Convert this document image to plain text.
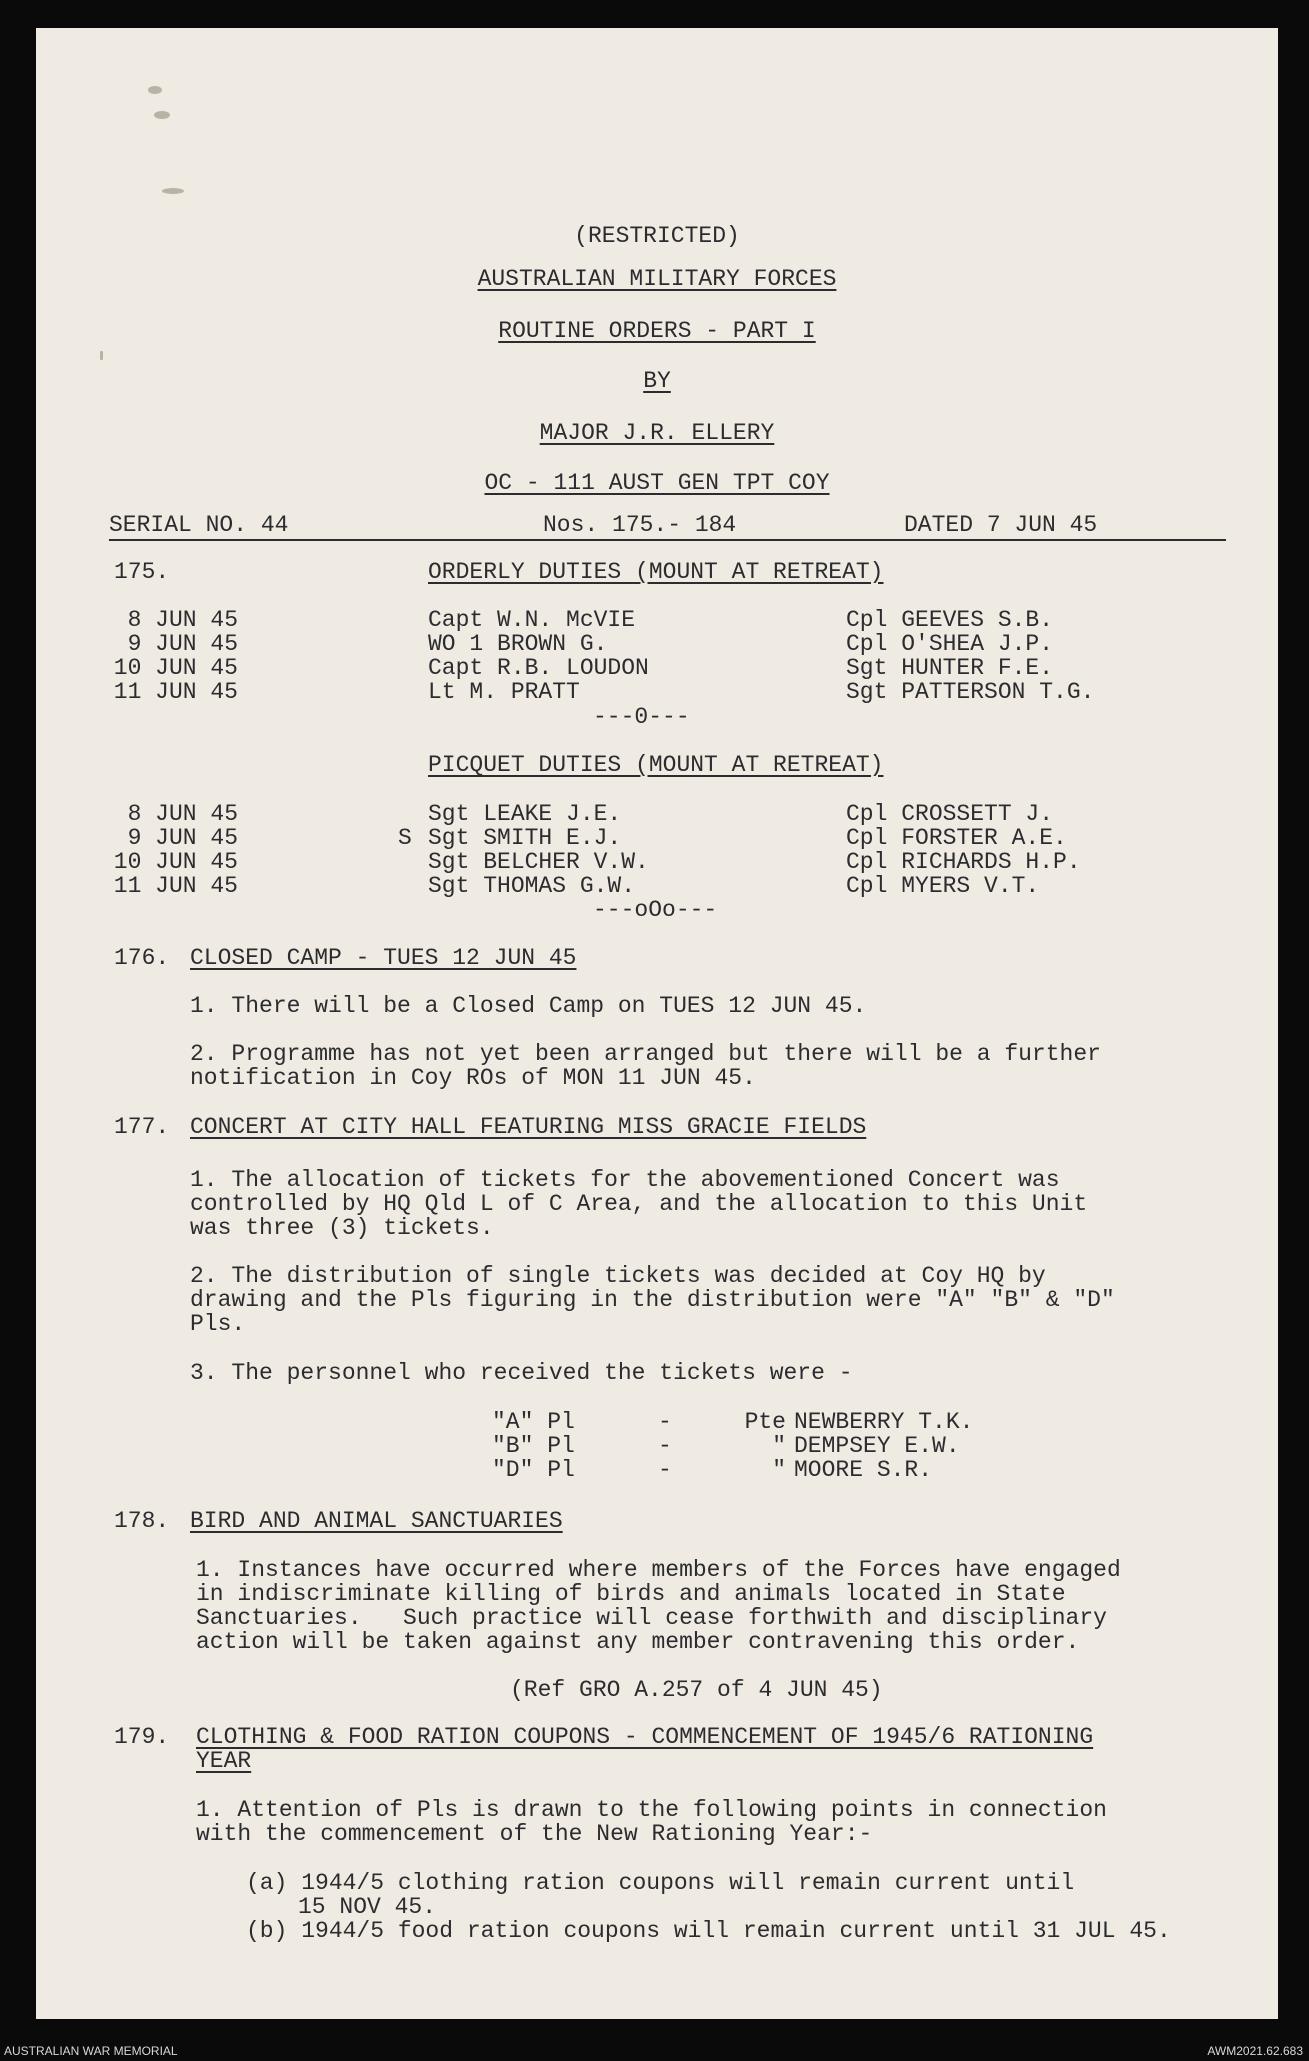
(RESTRICTED)
AUSTRALIAN MILITARY FORCES
ROUTINE ORDERS - PART I
BY
MAJOR J.R. ELLERY
OC - 111 AUST GEN TPT COY
SERIAL NO. 44	Nos. 175.- 184	DATED 7 JUN 45
175.	ORDERLY DUTIES (MOUNT AT RETREAT)
8 JUN 45	Capt W.N. McVIE	Cpl GEEVES S.B.
9 JUN 45	WO 1 BROWN G.	Cpl O'SHEA J.P.
10 JUN 45	Capt R.B. LOUDON	Sgt HUNTER F.E.
11 JUN 45	Lt M. PRATT	Sgt PATTERSON T.G.
---0---
PICQUET DUTIES (MOUNT AT RETREAT)
8 JUN 45	Sgt LEAKE J.E.	Cpl CROSSETT J.
9 JUN 45	S Sgt SMITH E.J.	Cpl FORSTER A.E.
10 JUN 45	Sgt BELCHER V.W.	Cpl RICHARDS H.P.
11 JUN 45	Sgt THOMAS G.W.	Cpl MYERS V.T.
---oOo---
176. CLOSED CAMP - TUES 12 JUN 45
1. There will be a Closed Camp on TUES 12 JUN 45.
2. Programme has not yet been arranged but there will be a further
notification in Coy ROs of MON 11 JUN 45.
177. CONCERT AT CITY HALL FEATURING MISS GRACIE FIELDS
1. The allocation of tickets for the abovementioned Concert was
controlled by HQ Qld L of C Area, and the allocation to this Unit
was three (3) tickets.
2. The distribution of single tickets was decided at Coy HQ by
drawing and the Pls figuring in the distribution were "A" "B" & "D"
Pls.
3. The personnel who received the tickets were -
"A" Pl	-	Pte NEWBERRY T.K.
"B" Pl	-	" DEMPSEY E.W.
"D" Pl	-	" MOORE S.R.
178. BIRD AND ANIMAL SANCTUARIES
1. Instances have occurred where members of the Forces have engaged
in indiscriminate killing of birds and animals located in State
Sanctuaries.   Such practice will cease forthwith and disciplinary
action will be taken against any member contravening this order.
(Ref GRO A.257 of 4 JUN 45)
179. CLOTHING & FOOD RATION COUPONS - COMMENCEMENT OF 1945/6 RATIONING
YEAR
1. Attention of Pls is drawn to the following points in connection
with the commencement of the New Rationing Year:-
(a) 1944/5 clothing ration coupons will remain current until
15 NOV 45.
(b) 1944/5 food ration coupons will remain current until 31 JUL 45.
AUSTRALIAN WAR MEMORIAL	AWM2021.62.683
